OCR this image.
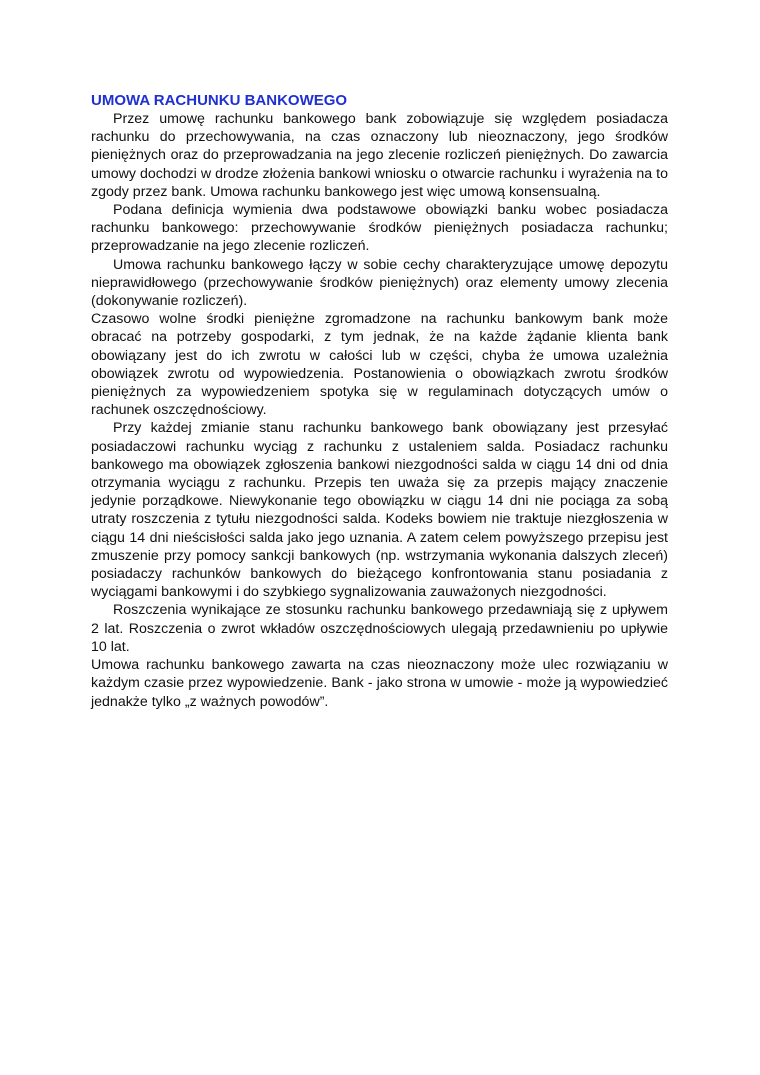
UMOWA RACHUNKU BANKOWEGO

Przez umowę rachunku bankowego bank zobowiązuje się względem posiadacza rachunku do przechowywania, na czas oznaczony lub nieoznaczony, jego środków pieniężnych oraz do przeprowadzania na jego zlecenie rozliczeń pieniężnych. Do zawarcia umowy dochodzi w drodze złożenia bankowi wniosku o otwarcie rachunku i wyrażenia na to zgody przez bank. Umowa rachunku bankowego jest więc umową konsensualną.

Podana definicja wymienia dwa podstawowe obowiązki banku wobec posiadacza rachunku bankowego: przechowywanie środków pieniężnych posiadacza rachunku; przeprowadzanie na jego zlecenie rozliczeń.

Umowa rachunku bankowego łączy w sobie cechy charakteryzujące umowę depozytu nieprawidłowego (przechowywanie środków pieniężnych) oraz elementy umowy zlecenia (dokonywanie rozliczeń).

Czasowo wolne środki pieniężne zgromadzone na rachunku bankowym bank może obracać na potrzeby gospodarki, z tym jednak, że na każde żądanie klienta bank obowiązany jest do ich zwrotu w całości lub w części, chyba że umowa uzależnia obowiązek zwrotu od wypowiedzenia. Postanowienia o obowiązkach zwrotu środków pieniężnych za wypowiedzeniem spotyka się w regulaminach dotyczących umów o rachunek oszczędnościowy.

Przy każdej zmianie stanu rachunku bankowego bank obowiązany jest przesyłać posiadaczowi rachunku wyciąg z rachunku z ustaleniem salda. Posiadacz rachunku bankowego ma obowiązek zgłoszenia bankowi niezgodności salda w ciągu 14 dni od dnia otrzymania wyciągu z rachunku. Przepis ten uważa się za przepis mający znaczenie jedynie porządkowe. Niewykonanie tego obowiązku w ciągu 14 dni nie pociąga za sobą utraty roszczenia z tytułu niezgodności salda. Kodeks bowiem nie traktuje niezgłoszenia w ciągu 14 dni nieścisłości salda jako jego uznania. A zatem celem powyższego przepisu jest zmuszenie przy pomocy sankcji bankowych (np. wstrzymania wykonania dalszych zleceń) posiadaczy rachunków bankowych do bieżącego konfrontowania stanu posiadania z wyciągami bankowymi i do szybkiego sygnalizowania zauważonych niezgodności.

Roszczenia wynikające ze stosunku rachunku bankowego przedawniają się z upływem 2 lat. Roszczenia o zwrot wkładów oszczędnościowych ulegają przedawnieniu po upływie 10 lat.

Umowa rachunku bankowego zawarta na czas nieoznaczony może ulec rozwiązaniu w każdym czasie przez wypowiedzenie. Bank - jako strona w umowie - może ją wypowiedzieć jednakże tylko „z ważnych powodów”.
